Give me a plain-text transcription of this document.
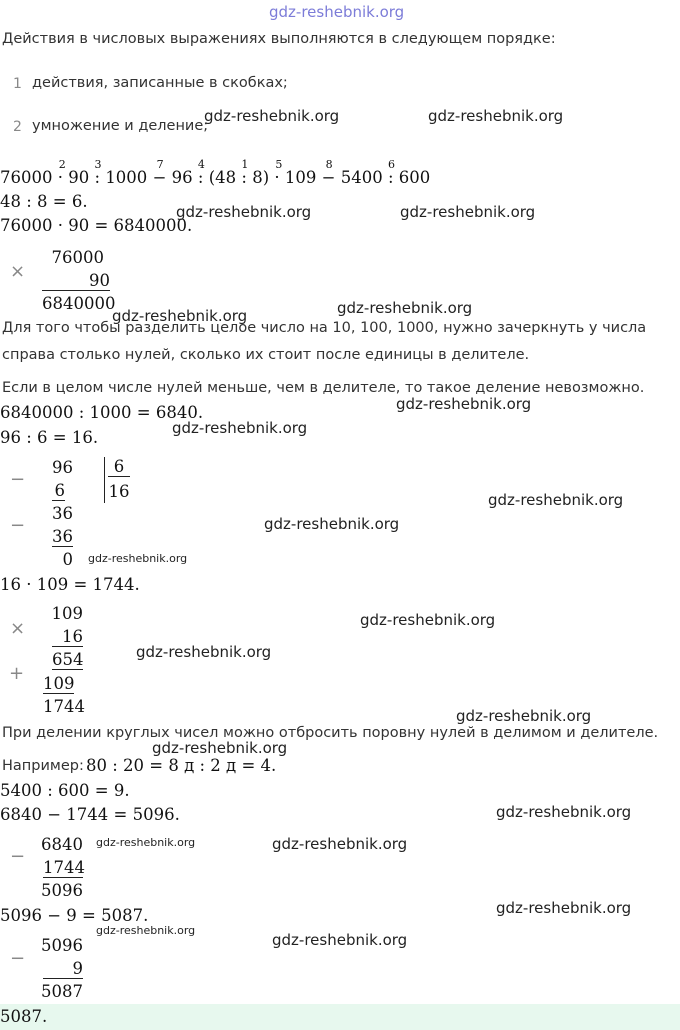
gdz-reshebnik.org
Действия в числовых выражениях выполняются в следующем порядке:
1 действия, записанные в скобках;
2 умножение и деление;
76000 ·
2
90 :
3
1000 −
7
96 :
4
(48 :
1
8) ·
5
109 −
8
5400 :
6
600
48 : 8 = 6.
76000 · 90 = 6840000.
×
76000
90
6840000
Для того чтобы разделить целое число на 10, 100, 1000, нужно зачеркнуть у числа
справа столько нулей, сколько их стоит после единицы в делителе.
Если в целом числе нулей меньше, чем в делителе, то такое деление невозможно.
6840000 : 1000 = 6840.
96 : 6 = 16.
−
96
6
−
36
36
0
6
16
16 · 109 = 1744.
×
109
16
654
+ 109
1744
При делении круглых чисел можно отбросить поровну нулей в делимом и делителе.
Например: 80 : 20 = 8 д : 2 д = 4.
5400 : 600 = 9.
6840 − 1744 = 5096.
−
6840
1744
5096
5096 − 9 = 5087.
−
5096
9
5087
5087.
gdz-reshebnik.org	gdz-reshebnik.org
gdz-reshebnik.org	gdz-reshebnik.org
gdz-reshebnik.org
gdz-reshebnik.org
gdz-reshebnik.org
gdz-reshebnik.org
gdz-reshebnik.org
gdz-reshebnik.org
gdz-reshebnik.org
gdz-reshebnik.org
gdz-reshebnik.org
gdz-reshebnik.org
gdz-reshebnik.org
gdz-reshebnik.org
gdz-reshebnik.org	gdz-reshebnik.org
gdz-reshebnik.org
gdz-reshebnik.org
gdz-reshebnik.org
